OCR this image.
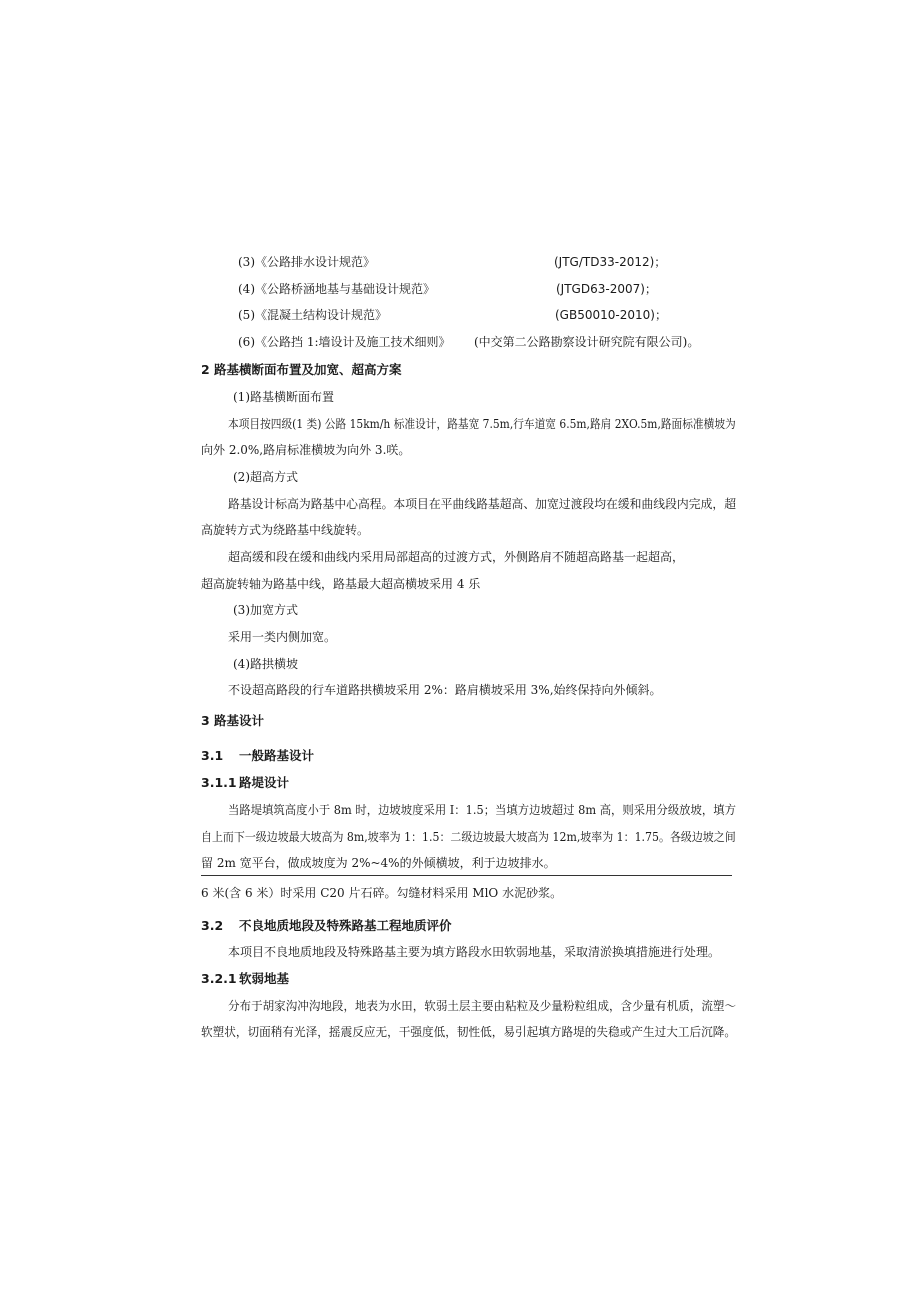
(3)《公路排水设计规范》	(JTG/TD33-2012)；
(4)《公路桥涵地基与基础设计规范》	(JTGD63-2007)；
(5)《混凝土结构设计规范》	(GB50010-2010)；
(6)《公路挡 1:墙设计及施工技术细则》 (中交第二公路勘察设计研究院有限公司)。
2 路基横断面布置及加宽、超高方案
(1)路基横断面布置
本项目按四级(1 类) 公路 15km/h 标准设计，路基宽 7.5m,行车道宽 6.5m,路肩 2XO.5m,路面标准横坡为
向外 2.0%,路肩标准横坡为向外 3.咲。
(2)超高方式
路基设计标高为路基中心高程。本项目在平曲线路基超高、加宽过渡段均在缓和曲线段内完成，超
高旋转方式为绕路基中线旋转。
超高缓和段在缓和曲线内采用局部超高的过渡方式，外侧路肩不随超高路基一起超高，
超高旋转轴为路基中线，路基最大超高横坡采用 4 乐
(3)加宽方式
采用一类内侧加宽。
(4)路拱横坡
不设超高路段的行车道路拱横坡采用 2%：路肩横坡采用 3%,始终保持向外倾斜。
3 路基设计
3.1 一般路基设计
3.1.1 路堤设计
当路堤填筑高度小于 8m 时，边坡坡度采用 I：1.5；当填方边坡超过 8m 高，则采用分级放坡，填方
自上而下一级边坡最大坡高为 8m,坡率为 1：1.5：二级边坡最大坡高为 12m,坡率为 1：1.75。各级边坡之间
留 2m 宽平台，做成坡度为 2%~4%的外倾横坡，利于边坡排水。
6 米(含 6 米）时采用 C20 片石碎。勾缝材料采用 MlO 水泥砂浆。
3.2 不良地质地段及特殊路基工程地质评价
本项目不良地质地段及特殊路基主要为填方路段水田软弱地基，采取清淤换填措施进行处理。
3.2.1 软弱地基
分布于胡家沟冲沟地段，地表为水田，软弱土层主要由粘粒及少量粉粒组成，含少量有机质，流塑～
软塑状，切面稍有光泽，摇震反应无，干强度低，韧性低，易引起填方路堤的失稳或产生过大工后沉降。
